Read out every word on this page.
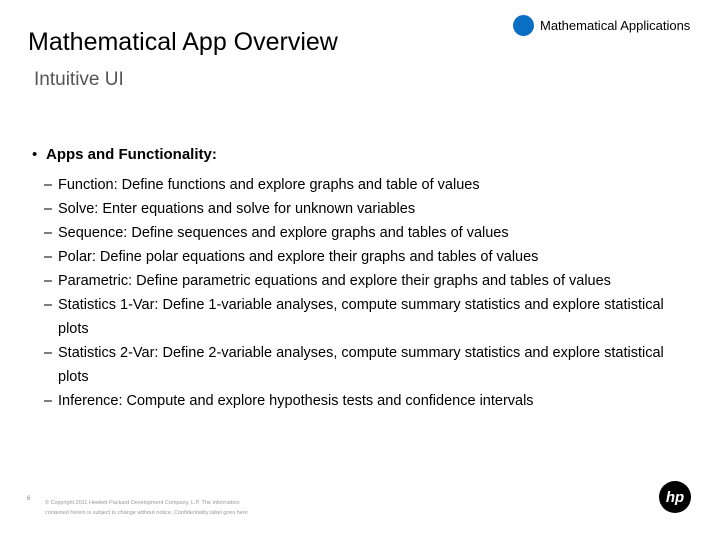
Mathematical App Overview
Intuitive UI
Mathematical Applications
• Apps and Functionality:
– Function: Define functions and explore graphs and table of values
– Solve: Enter equations and solve for unknown variables
– Sequence: Define sequences and explore graphs and tables of values
– Polar: Define polar equations and explore their graphs and tables of values
– Parametric: Define parametric equations and explore their graphs and tables of values
– Statistics 1-Var: Define 1-variable analyses, compute summary statistics and explore statistical plots
– Statistics 2-Var: Define 2-variable analyses, compute summary statistics and explore statistical plots
– Inference: Compute and explore hypothesis tests and confidence intervals
6
© Copyright 2011 Hewlett-Packard Development Company, L.P. The information
contained herein is subject to change without notice. Confidentiality label goes here
hp
